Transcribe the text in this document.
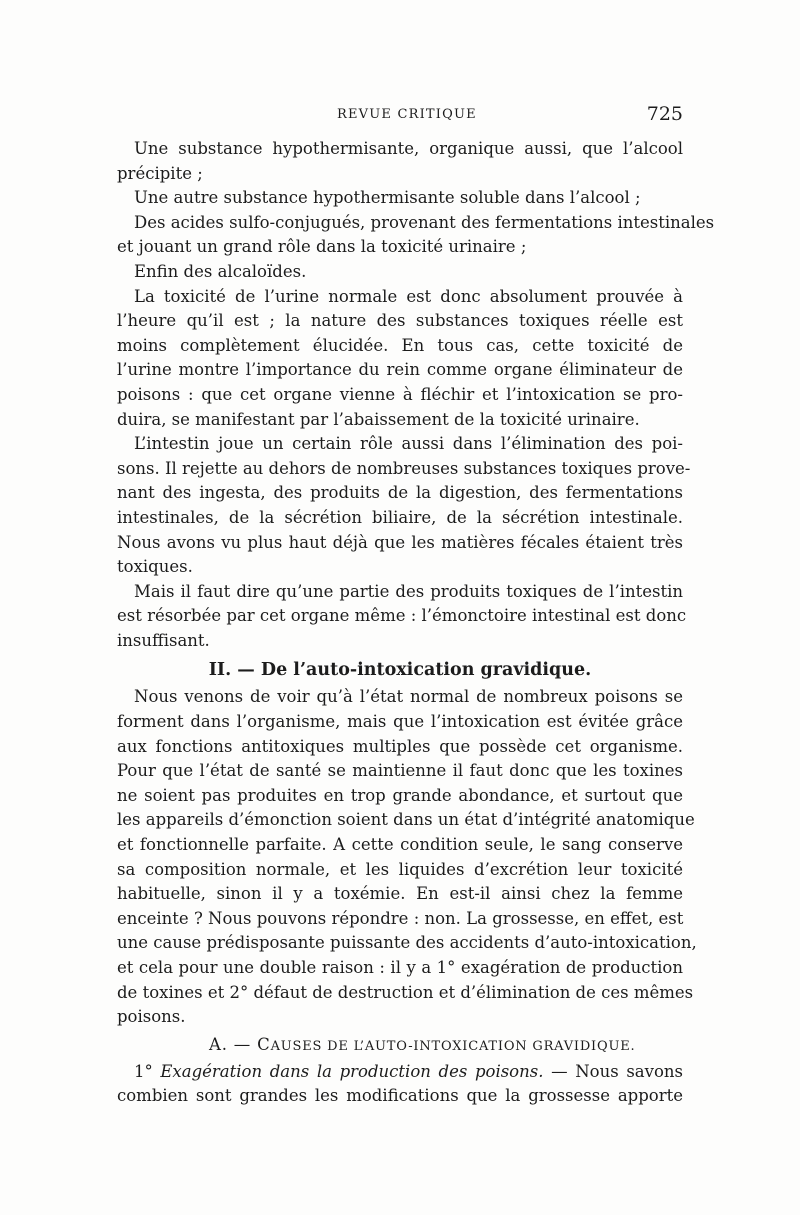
REVUE CRITIQUE	725
Une substance hypothermisante, organique aussi, que l’alcool
précipite ;
Une autre substance hypothermisante soluble dans l’alcool ;
Des acides sulfo-conjugués, provenant des fermentations intestinales
et jouant un grand rôle dans la toxicité urinaire ;
Enfin des alcaloïdes.
La toxicité de l’urine normale est donc absolument prouvée à
l’heure qu’il est ; la nature des substances toxiques réelle est
moins complètement élucidée. En tous cas, cette toxicité de
l’urine montre l’importance du rein comme organe éliminateur de
poisons : que cet organe vienne à fléchir et l’intoxication se pro-
duira, se manifestant par l’abaissement de la toxicité urinaire.
L’intestin joue un certain rôle aussi dans l’élimination des poi-
sons. Il rejette au dehors de nombreuses substances toxiques prove-
nant des ingesta, des produits de la digestion, des fermentations
intestinales, de la sécrétion biliaire, de la sécrétion intestinale.
Nous avons vu plus haut déjà que les matières fécales étaient très
toxiques.
Mais il faut dire qu’une partie des produits toxiques de l’intestin
est résorbée par cet organe même : l’émonctoire intestinal est donc
insuffisant.
II. — De l’auto-intoxication gravidique.
Nous venons de voir qu’à l’état normal de nombreux poisons se
forment dans l’organisme, mais que l’intoxication est évitée grâce
aux fonctions antitoxiques multiples que possède cet organisme.
Pour que l’état de santé se maintienne il faut donc que les toxines
ne soient pas produites en trop grande abondance, et surtout que
les appareils d’émonction soient dans un état d’intégrité anatomique
et fonctionnelle parfaite. A cette condition seule, le sang conserve
sa composition normale, et les liquides d’excrétion leur toxicité
habituelle, sinon il y a toxémie. En est-il ainsi chez la femme
enceinte ? Nous pouvons répondre : non. La grossesse, en effet, est
une cause prédisposante puissante des accidents d’auto-intoxication,
et cela pour une double raison : il y a 1° exagération de production
de toxines et 2° défaut de destruction et d’élimination de ces mêmes
poisons.
A. — CAUSES DE L’AUTO-INTOXICATION GRAVIDIQUE.
1° Exagération dans la production des poisons. — Nous savons
combien sont grandes les modifications que la grossesse apporte
